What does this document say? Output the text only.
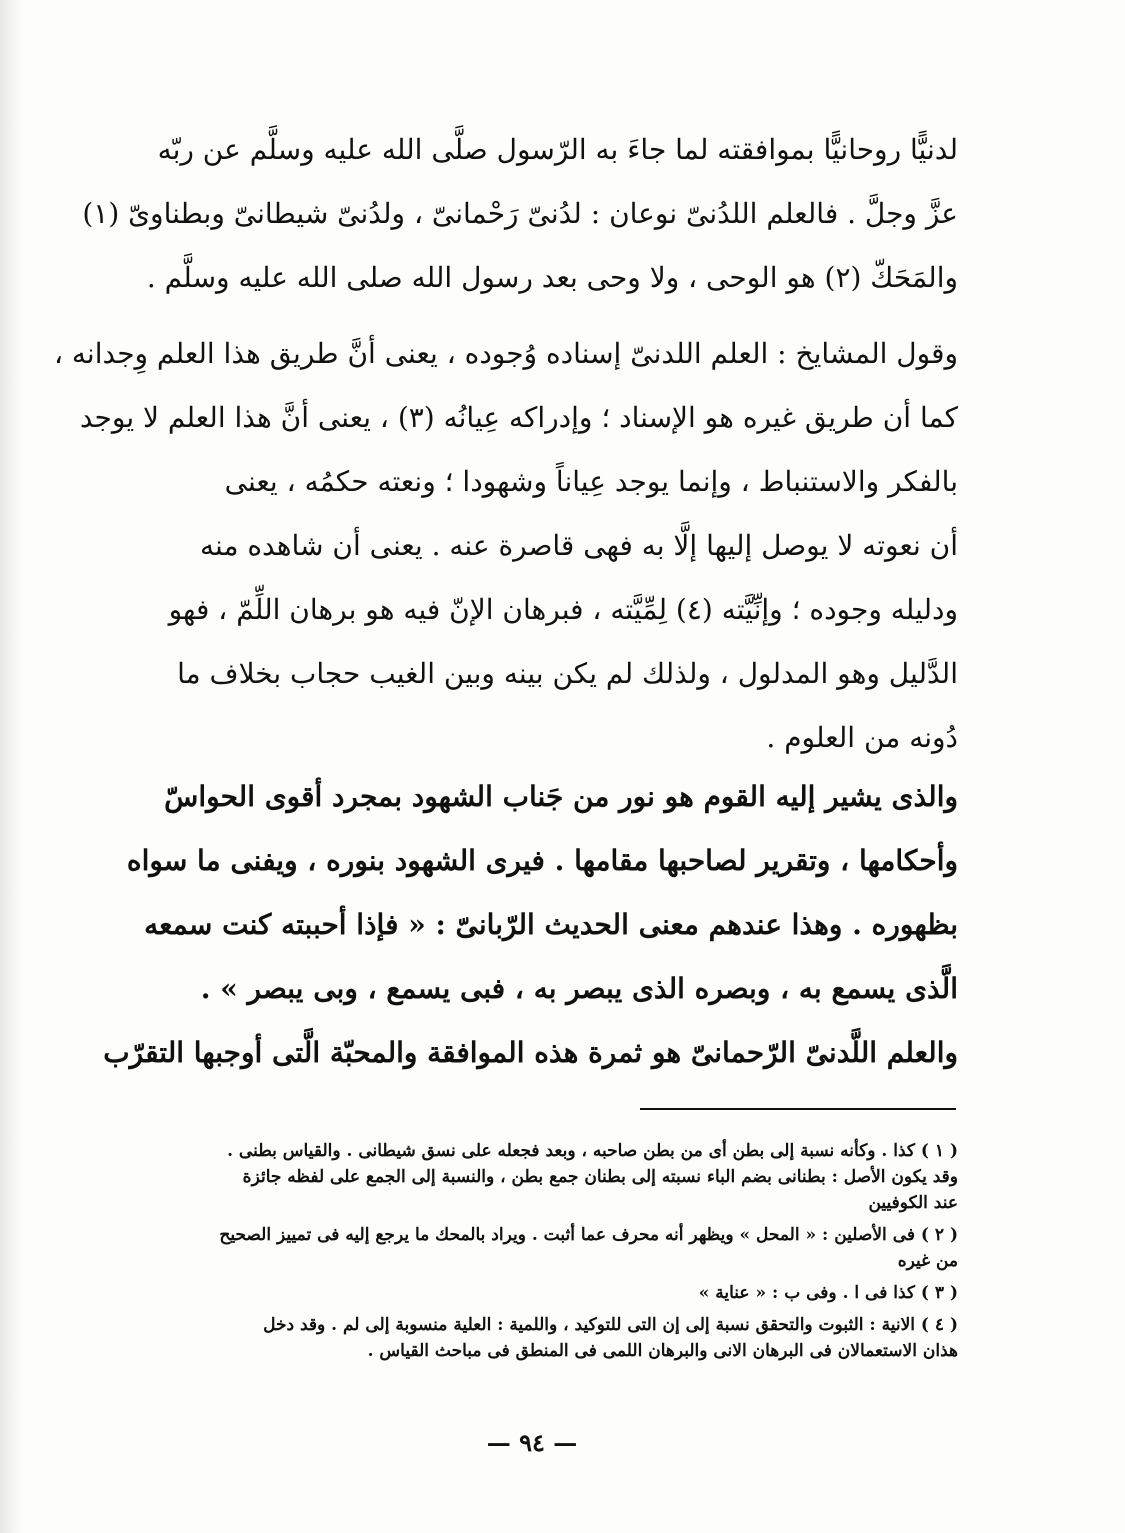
لدنيًّا روحانيًّا بموافقته لما جاءَ به الرّسول صلَّى الله عليه وسلَّم عن ربّه
عزَّ وجلَّ . فالعلم اللدُنىّ نوعان : لدُنىّ رَحْمانىّ ، ولدُنىّ شيطانىّ وبطناوىّ (١)
والمَحَكّ (٢) هو الوحى ، ولا وحى بعد رسول الله صلى الله عليه وسلَّم .
وقول المشايخ : العلم اللدنىّ إسناده وُجوده ، يعنى أنَّ طريق هذا العلم وِجدانه ،
كما أن طريق غيره هو الإسناد ؛ وإدراكه عِيانُه (٣) ، يعنى أنَّ هذا العلم لا يوجد
بالفكر والاستنباط ، وإنما يوجد عِياناً وشهودا ؛ ونعته حكمُه ، يعنى
أن نعوته لا يوصل إليها إلَّا به فهى قاصرة عنه . يعنى أن شاهده منه
ودليله وجوده ؛ وإنِّيَّته (٤) لِمِّيَّته ، فبرهان الإنّ فيه هو برهان اللِّمّ ، فهو
الدَّليل وهو المدلول ، ولذلك لم يكن بينه وبين الغيب حجاب بخلاف ما
دُونه من العلوم .
والذى يشير إليه القوم هو نور من جَناب الشهود بمجرد أقوى الحواسّ
وأحكامها ، وتقرير لصاحبها مقامها . فيرى الشهود بنوره ، ويفنى ما سواه
بظهوره . وهذا عندهم معنى الحديث الرّبانىّ : « فإذا أحببته كنت سمعه
الَّذى يسمع به ، وبصره الذى يبصر به ، فبى يسمع ، وبى يبصر » .
والعلم اللَّدنىّ الرّحمانىّ هو ثمرة هذه الموافقة والمحبّة الَّتى أوجبها التقرّب
( ١ ) كذا . وكأنه نسبة إلى بطن أى من بطن صاحبه ، وبعد فجعله على نسق شيطانى . والقياس بطنى .
وقد يكون الأصل : بطنانى بضم الباء نسبته إلى بطنان جمع بطن ، والنسبة إلى الجمع على لفظه جائزة
عند الكوفيين
( ٢ ) فى الأصلين : « المحل » ويظهر أنه محرف عما أثبت . ويراد بالمحك ما يرجع إليه فى تمييز الصحيح
من غيره
( ٣ ) كذا فى ا . وفى ب : « عناية »
( ٤ ) الانية : الثبوت والتحقق نسبة إلى إن التى للتوكيد ، واللمية : العلية منسوبة إلى لم . وقد دخل
هذان الاستعمالان فى البرهان الانى والبرهان اللمى فى المنطق فى مباحث القياس .
— ٩٤ —
